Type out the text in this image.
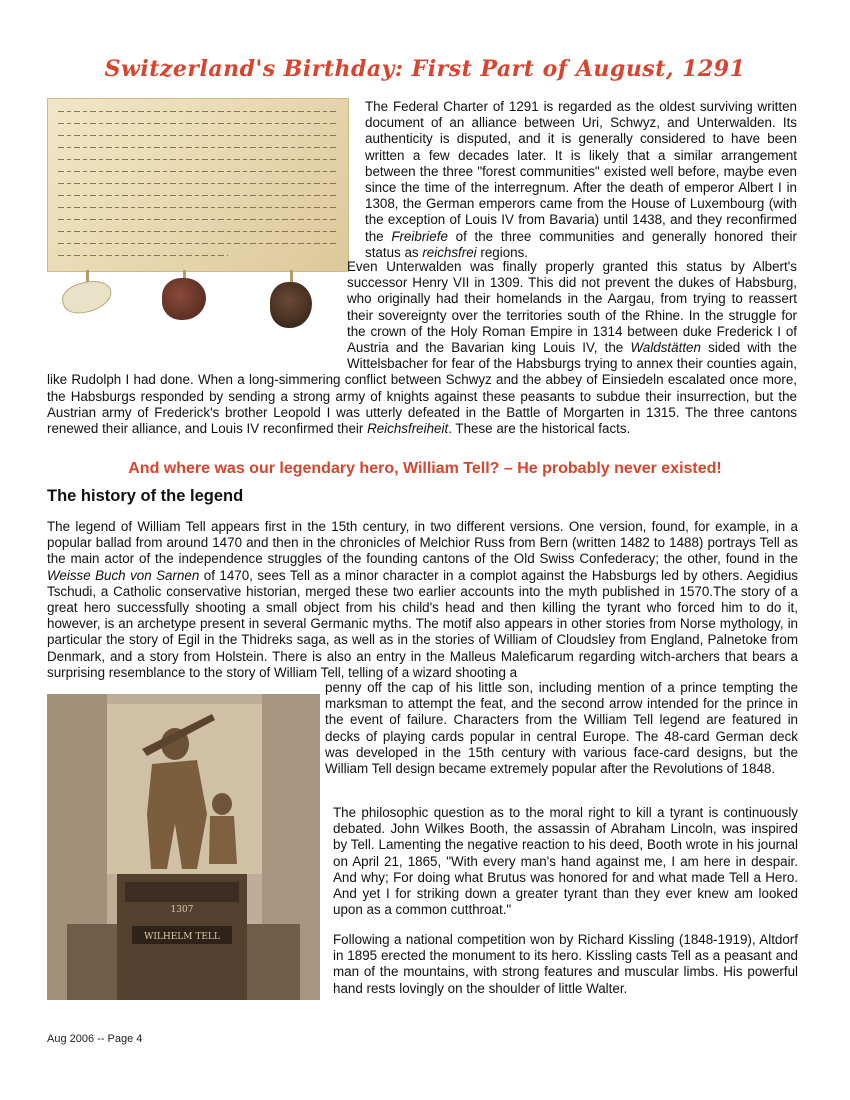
Switzerland's Birthday: First Part of August, 1291

The Federal Charter of 1291 is regarded as the oldest surviving written document of an alliance between Uri, Schwyz, and Unterwalden. Its authenticity is disputed, and it is generally considered to have been written a few decades later. It is likely that a similar arrangement between the three "forest communities" existed well before, maybe even since the time of the interregnum. After the death of emperor Albert I in 1308, the German emperors came from the House of Luxembourg (with the exception of Louis IV from Bavaria) until 1438, and they reconfirmed the Freibriefe of the three communities and generally honored their status as reichsfrei regions.

Even Unterwalden was finally properly granted this status by Albert's successor Henry VII in 1309. This did not prevent the dukes of Habsburg, who originally had their homelands in the Aargau, from trying to reassert their sovereignty over the territories south of the Rhine. In the struggle for the crown of the Holy Roman Empire in 1314 between duke Frederick I of Austria and the Bavarian king Louis IV, the Waldstätten sided with the Wittelsbacher for fear of the Habsburgs trying to annex their counties again, like Rudolph I had done. When a long-simmering conflict between Schwyz and the abbey of Einsiedeln escalated once more, the Habsburgs responded by sending a strong army of knights against these peasants to subdue their insurrection, but the Austrian army of Frederick's brother Leopold I was utterly defeated in the Battle of Morgarten in 1315. The three cantons renewed their alliance, and Louis IV reconfirmed their Reichsfreiheit. These are the historical facts.

And where was our legendary hero, William Tell? – He probably never existed!
The history of the legend

The legend of William Tell appears first in the 15th century, in two different versions. One version, found, for example, in a popular ballad from around 1470 and then in the chronicles of Melchior Russ from Bern (written 1482 to 1488) portrays Tell as the main actor of the independence struggles of the founding cantons of the Old Swiss Confederacy; the other, found in the Weisse Buch von Sarnen of 1470, sees Tell as a minor character in a complot against the Habsburgs led by others. Aegidius Tschudi, a Catholic conservative historian, merged these two earlier accounts into the myth published in 1570.The story of a great hero successfully shooting a small object from his child's head and then killing the tyrant who forced him to do it, however, is an archetype present in several Germanic myths. The motif also appears in other stories from Norse mythology, in particular the story of Egil in the Thidreks saga, as well as in the stories of William of Cloudsley from England, Palnetoke from Denmark, and a story from Holstein. There is also an entry in the Malleus Maleficarum regarding witch-archers that bears a surprising resemblance to the story of William Tell, telling of a wizard shooting a

penny off the cap of his little son, including mention of a prince tempting the marksman to attempt the feat, and the second arrow intended for the prince in the event of failure. Characters from the William Tell legend are featured in decks of playing cards popular in central Europe. The 48-card German deck was developed in the 15th century with various face-card designs, but the William Tell design became extremely popular after the Revolutions of 1848.

The philosophic question as to the moral right to kill a tyrant is continuously debated. John Wilkes Booth, the assassin of Abraham Lincoln, was inspired by Tell. Lamenting the negative reaction to his deed, Booth wrote in his journal on April 21, 1865, "With every man's hand against me, I am here in despair. And why; For doing what Brutus was honored for and what made Tell a Hero. And yet I for striking down a greater tyrant than they ever knew am looked upon as a common cutthroat."

Following a national competition won by Richard Kissling (1848-1919), Altdorf in 1895 erected the monument to its hero. Kissling casts Tell as a peasant and man of the mountains, with strong features and muscular limbs. His powerful hand rests lovingly on the shoulder of little Walter.

1307
WILHELM TELL
Aug 2006 -- Page 4
